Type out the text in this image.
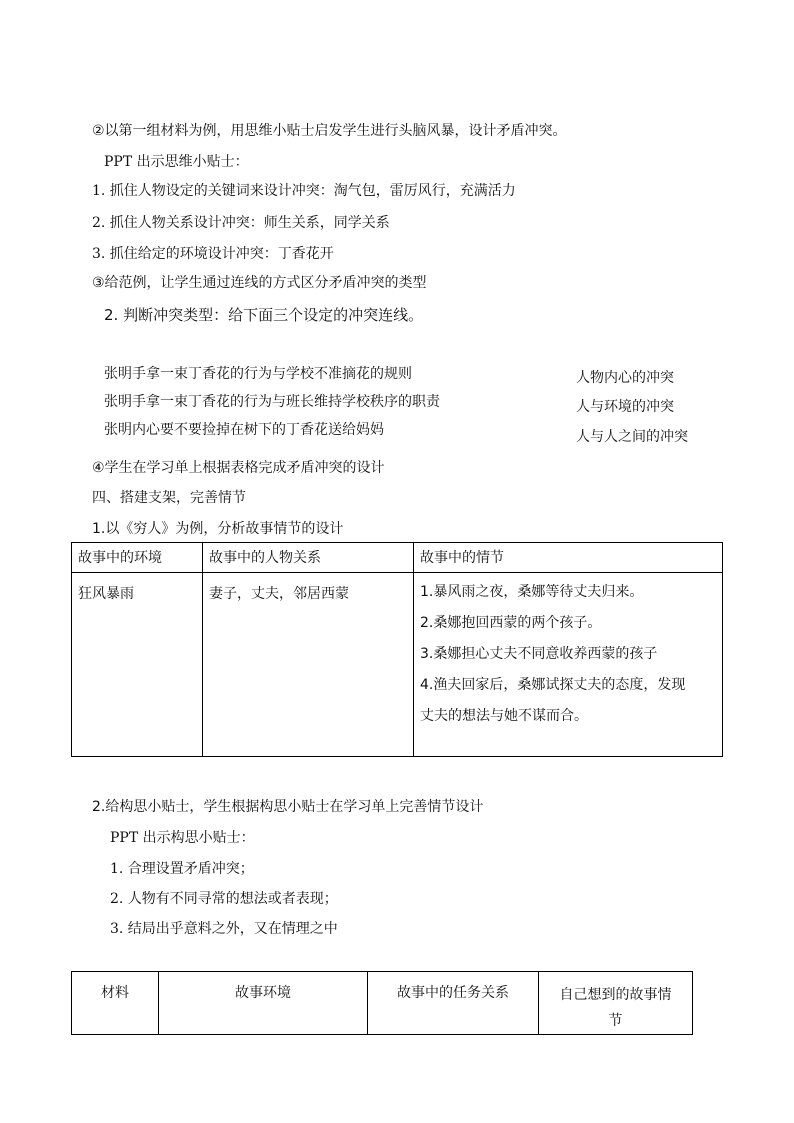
②以第一组材料为例，用思维小贴士启发学生进行头脑风暴，设计矛盾冲突。
PPT 出示思维小贴士：
1. 抓住人物设定的关键词来设计冲突：淘气包，雷厉风行，充满活力
2. 抓住人物关系设计冲突：师生关系，同学关系
3. 抓住给定的环境设计冲突：丁香花开
③给范例，让学生通过连线的方式区分矛盾冲突的类型
2. 判断冲突类型：给下面三个设定的冲突连线。
张明手拿一束丁香花的行为与学校不准摘花的规则
张明手拿一束丁香花的行为与班长维持学校秩序的职责
张明内心要不要捡掉在树下的丁香花送给妈妈
人物内心的冲突
人与环境的冲突
人与人之间的冲突
④学生在学习单上根据表格完成矛盾冲突的设计
四、搭建支架，完善情节
1.以《穷人》为例，分析故事情节的设计
故事中的环境	故事中的人物关系	故事中的情节
狂风暴雨	妻子，丈夫，邻居西蒙	1.暴风雨之夜，桑娜等待丈夫归来。
2.桑娜抱回西蒙的两个孩子。
3.桑娜担心丈夫不同意收养西蒙的孩子
4.渔夫回家后，桑娜试探丈夫的态度，发现
丈夫的想法与她不谋而合。
2.给构思小贴士，学生根据构思小贴士在学习单上完善情节设计
PPT 出示构思小贴士：
1. 合理设置矛盾冲突；
2. 人物有不同寻常的想法或者表现；
3. 结局出乎意料之外，又在情理之中
材料	故事环境	故事中的任务关系	自己想到的故事情
节
